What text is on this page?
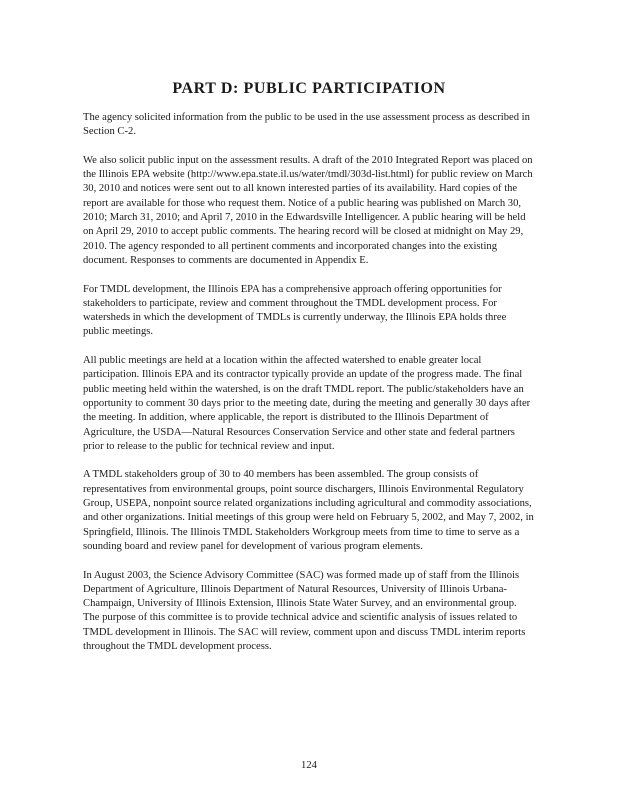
PART D: PUBLIC PARTICIPATION

The agency solicited information from the public to be used in the use assessment process as described in Section C-2.

We also solicit public input on the assessment results. A draft of the 2010 Integrated Report was placed on the Illinois EPA website (http://www.epa.state.il.us/water/tmdl/303d-list.html) for public review on March 30, 2010 and notices were sent out to all known interested parties of its availability. Hard copies of the report are available for those who request them. Notice of a public hearing was published on March 30, 2010; March 31, 2010; and April 7, 2010 in the Edwardsville Intelligencer. A public hearing will be held on April 29, 2010 to accept public comments. The hearing record will be closed at midnight on May 29, 2010. The agency responded to all pertinent comments and incorporated changes into the existing document. Responses to comments are documented in Appendix E.

For TMDL development, the Illinois EPA has a comprehensive approach offering opportunities for stakeholders to participate, review and comment throughout the TMDL development process. For watersheds in which the development of TMDLs is currently underway, the Illinois EPA holds three public meetings.

All public meetings are held at a location within the affected watershed to enable greater local participation. Illinois EPA and its contractor typically provide an update of the progress made. The final public meeting held within the watershed, is on the draft TMDL report. The public/stakeholders have an opportunity to comment 30 days prior to the meeting date, during the meeting and generally 30 days after the meeting. In addition, where applicable, the report is distributed to the Illinois Department of Agriculture, the USDA—Natural Resources Conservation Service and other state and federal partners prior to release to the public for technical review and input.

A TMDL stakeholders group of 30 to 40 members has been assembled. The group consists of representatives from environmental groups, point source dischargers, Illinois Environmental Regulatory Group, USEPA, nonpoint source related organizations including agricultural and commodity associations, and other organizations. Initial meetings of this group were held on February 5, 2002, and May 7, 2002, in Springfield, Illinois. The Illinois TMDL Stakeholders Workgroup meets from time to time to serve as a sounding board and review panel for development of various program elements.

In August 2003, the Science Advisory Committee (SAC) was formed made up of staff from the Illinois Department of Agriculture, Illinois Department of Natural Resources, University of Illinois Urbana-Champaign, University of Illinois Extension, Illinois State Water Survey, and an environmental group. The purpose of this committee is to provide technical advice and scientific analysis of issues related to TMDL development in Illinois. The SAC will review, comment upon and discuss TMDL interim reports throughout the TMDL development process.

124
